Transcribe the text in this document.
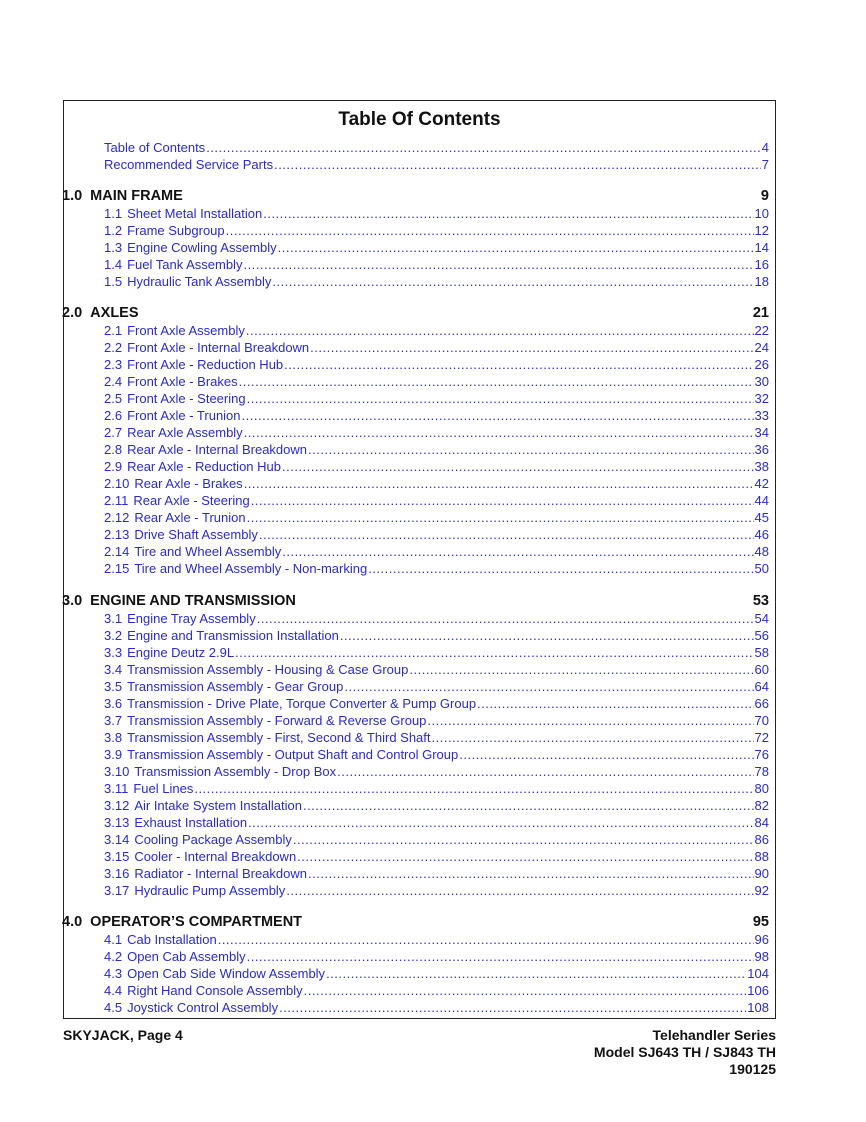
Table Of Contents
Table of Contents .....	4
Recommended Service Parts .....	7
1.0 MAIN FRAME	9
1.1 Sheet Metal Installation .....	10
1.2 Frame Subgroup .....	12
1.3 Engine Cowling Assembly .....	14
1.4 Fuel Tank Assembly .....	16
1.5 Hydraulic Tank Assembly .....	18
2.0 AXLES	21
2.1 Front Axle Assembly .....	22
2.2 Front Axle - Internal Breakdown .....	24
2.3 Front Axle - Reduction Hub .....	26
2.4 Front Axle - Brakes .....	30
2.5 Front Axle - Steering .....	32
2.6 Front Axle - Trunion .....	33
2.7 Rear Axle Assembly .....	34
2.8 Rear Axle - Internal Breakdown .....	36
2.9 Rear Axle - Reduction Hub .....	38
2.10 Rear Axle - Brakes .....	42
2.11 Rear Axle - Steering .....	44
2.12 Rear Axle - Trunion .....	45
2.13 Drive Shaft Assembly .....	46
2.14 Tire and Wheel Assembly .....	48
2.15 Tire and Wheel Assembly - Non-marking .....	50
3.0 ENGINE AND TRANSMISSION	53
3.1 Engine Tray Assembly .....	54
3.2 Engine and Transmission Installation .....	56
3.3 Engine Deutz 2.9L .....	58
3.4 Transmission Assembly - Housing & Case Group .....	60
3.5 Transmission Assembly - Gear Group .....	64
3.6 Transmission - Drive Plate, Torque Converter & Pump Group .....	66
3.7 Transmission Assembly - Forward & Reverse Group .....	70
3.8 Transmission Assembly - First, Second & Third Shaft .....	72
3.9 Transmission Assembly - Output Shaft and Control Group .....	76
3.10 Transmission Assembly - Drop Box .....	78
3.11 Fuel Lines .....	80
3.12 Air Intake System Installation .....	82
3.13 Exhaust Installation .....	84
3.14 Cooling Package Assembly .....	86
3.15 Cooler - Internal Breakdown .....	88
3.16 Radiator - Internal Breakdown .....	90
3.17 Hydraulic Pump Assembly .....	92
4.0 OPERATOR’S COMPARTMENT	95
4.1 Cab Installation .....	96
4.2 Open Cab Assembly .....	98
4.3 Open Cab Side Window Assembly .....	104
4.4 Right Hand Console Assembly .....	106
4.5 Joystick Control Assembly .....	108
SKYJACK, Page 4	Telehandler Series
Model SJ643 TH / SJ843 TH
190125
